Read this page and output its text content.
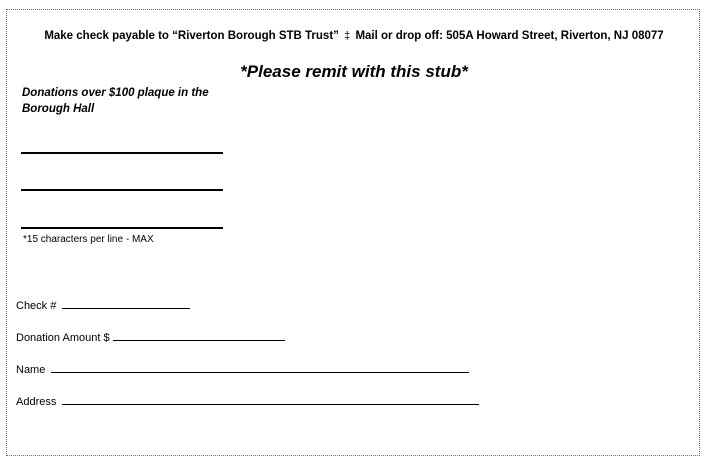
Make check payable to “Riverton Borough STB Trust” ‡ Mail or drop off: 505A Howard Street, Riverton, NJ 08077
*Please remit with this stub*
Donations over $100 plaque in the Borough Hall
*15 characters per line - MAX
Check #
Donation Amount $
Name
Address
